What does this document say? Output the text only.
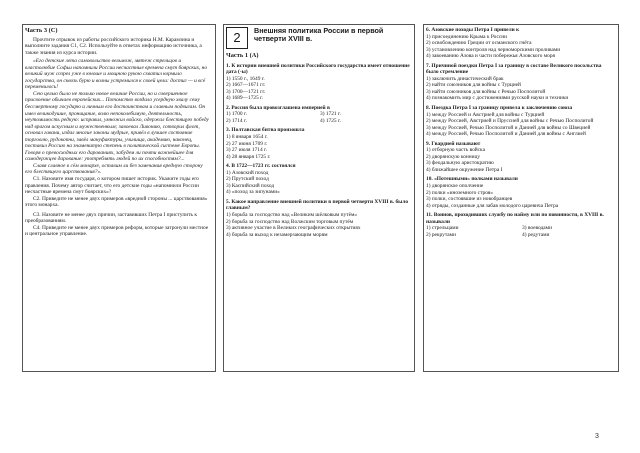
Часть 3 (С)

Прочтите отрывок из работы российского историка Н.М. Карамзина и выполните задания С1, С2. Используйте в ответах информацию источника, а также знания из курса истории.

«Его детские лета самовольство вельмож, мятеж стрельцов и властолюбие Софьи напомнили России несчастные времена смут боярских, но великий муж созрел уже в юноше и мощною рукою схватил кормило государства, он сквозь бурю и волны устремился к своей цели: достиг — и всё переменилось!

Сею целью было не только новое величие России, но и совершенное присвоение обычаев европейских... Потомство воздало усердную хвалу сему бессмертному государю и личным его достоинствам и славным подвигам. Он имел великодушие, проницание, волю непоколебимую, деятельность, неутомимость редкую: исправил, умножил войско, одержал блестящую победу над врагом искусным и мужественным; завоевал Ливонию, сотворил флот, основал гавани, издал многие законы мудрые, привёл в лучшее состояние торговлю, рудокопни, завёл мануфактуры, училища, академию, наконец, поставил Россию на знаменитую степень в политической системе Европы. Говоря о превосходных его дарованиях, забудем ли почти важнейшее для самодержцев дарование: употреблять людей по их способностям?...

Славя славное в сём монархе, оставим ли без замечания вредную сторону его блестящего царствования?».

С1. Назовите имя государя, о котором пишет историк. Укажите годы его правления. Почему автор считает, что его детские годы «напомнили России несчастные времена смут боярских»?

С2. Приведите не менее двух примеров «вредной стороны ... царствования» этого монарха.

С3. Назовите не менее двух причин, заставивших Петра I приступить к преобразованиям.

С4. Приведите не менее двух примеров реформ, которые затронули местное и центральное управление.

2	Внешняя политика России в первой четверти XVIII в.
Часть 1 (А)

1. К истории внешней политики Российского государства имеет отношение дата (-ы)

1) 1550 г., 1649 г.

2) 1667—1671 гг.

3) 1700—1721 гг.

4) 1689—1725 г.

2. Россия была провозглашена империей в

1) 1700 г.	3) 1721 г.

2) 1714 г.	4) 1725 г.

3. Полтавская битва произошла

1) 8 января 1654 г.

2) 27 июня 1709 г.

3) 27 июля 1714 г.

4) 28 января 1725 г.

4. В 1722—1723 гг. состоялся

1) Азовский поход

2) Прутский поход

3) Каспийский поход

4) «поход за зипунами»

5. Какое направление внешней политики в первой четверти XVIII в. было главным?

1) борьба за господство над «Великим шёлковым путём»

2) борьба за господство над Волжским торговым путём

3) активное участие в Великих географических открытиях

4) борьба за выход к незамерзающим морям

6. Азовские походы Петра I привели к

1) присоединению Крыма к России

2) освобождению Греции от османского гнёта

3) установлению контроля над черноморскими проливами

4) завоеванию Азова и части побережья Азовского моря

7. Причиной поездки Петра I за границу в составе Великого посольства было стремление

1) заключить династический брак

2) найти союзников для войны с Турцией

3) найти союзников для войны с Речью Посполитой

4) познакомить мир с достижениями русской науки и техники

8. Поездка Петра I за границу привела к заключению союза

1) между Россией и Австрией для войны с Турцией

2) между Россией, Австрией и Пруссией для войны с Речью Посполитой

3) между Россией, Речью Посполитой и Данией для войны со Швецией

4) между Россией, Речью Посполитой и Данией для войны с Англией

9. Гвардией называют

1) отборную часть войска

2) дворянскую конницу

3) феодальную аристократию

4) ближайшее окружение Петра I

10. «Потешными» полками называли

1) дворянское ополчение

2) полки «иноземного строя»

3) полки, состоявшие из новобранцев

4) отряды, созданные для забав молодого царевича Петра

11. Воинов, проходивших службу по найму или по повинности, в XVIII в. называли

1) стрельцами	3) воеводами

2) рекрутами	4) редутами

3
